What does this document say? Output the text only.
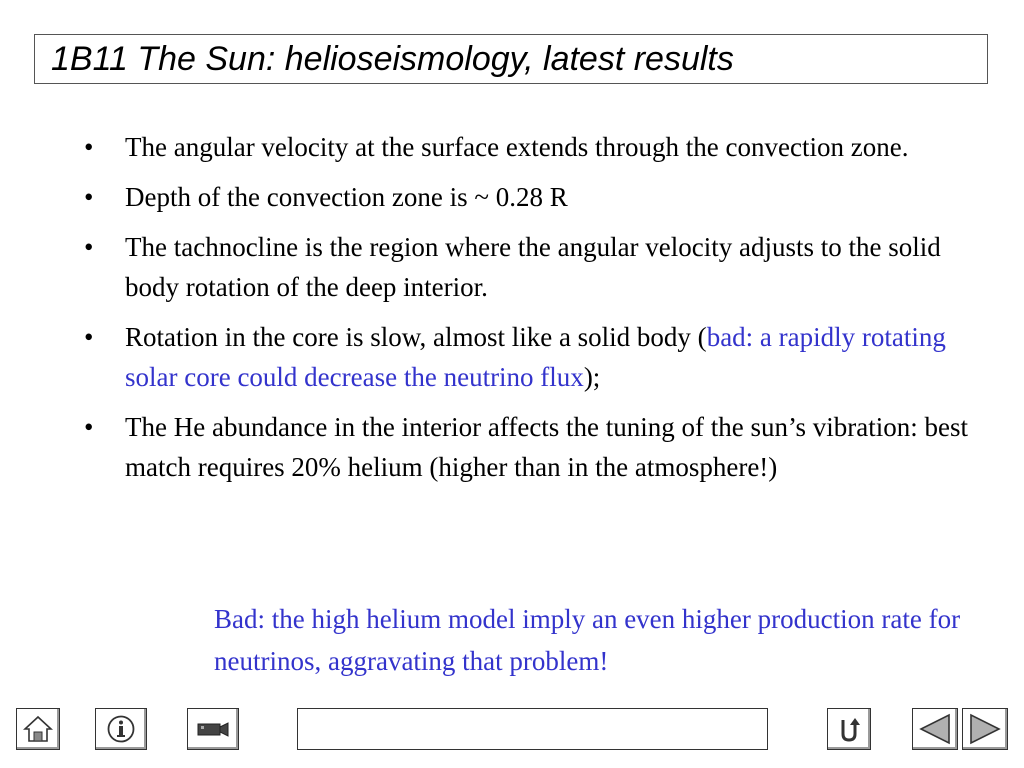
1B11 The Sun: helioseismology, latest results
• The angular velocity at the surface extends through the convection zone.
• Depth of the convection zone is ~ 0.28 R
• The tachnocline is the region where the angular velocity adjusts to the solid body rotation of the deep interior.
• Rotation in the core is slow, almost like a solid body (bad: a rapidly rotating solar core could decrease the neutrino flux);
• The He abundance in the interior affects the tuning of the sun’s vibration: best match requires 20% helium (higher than in the atmosphere!)
Bad: the high helium model imply an even higher production rate for neutrinos, aggravating that problem!
